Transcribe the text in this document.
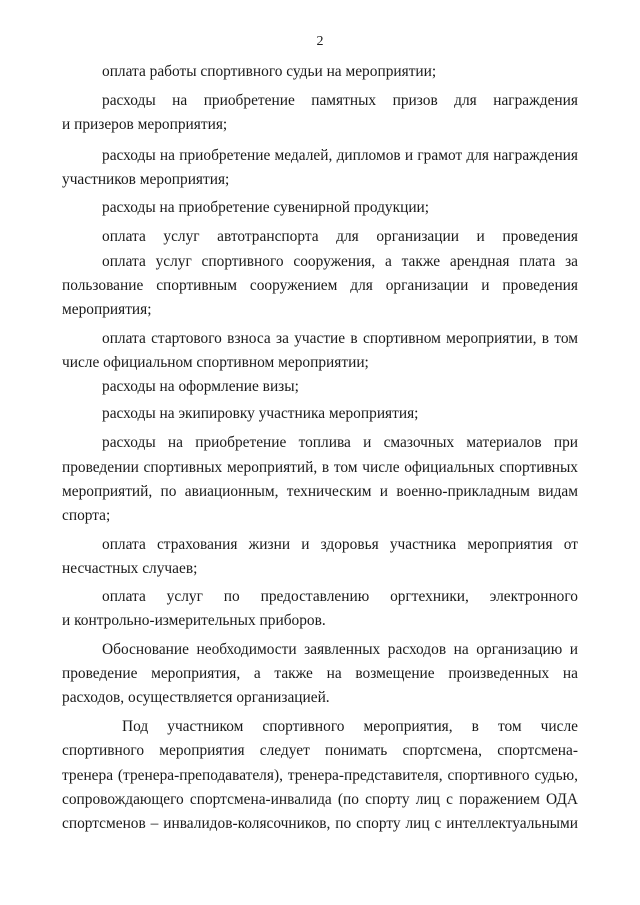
2
оплата работы спортивного судьи на мероприятии;
расходы на приобретение памятных призов для награждения
и призеров мероприятия;
расходы на приобретение медалей, дипломов и грамот для награждения
участников мероприятия;
расходы на приобретение сувенирной продукции;
оплата услуг автотранспорта для организации и проведения
оплата услуг спортивного сооружения, а также арендная плата за
пользование спортивным сооружением для организации и проведения
мероприятия;
оплата стартового взноса за участие в спортивном мероприятии, в том
числе официальном спортивном мероприятии;
расходы на оформление визы;
расходы на экипировку участника мероприятия;
расходы на приобретение топлива и смазочных материалов при
проведении спортивных мероприятий, в том числе официальных спортивных
мероприятий, по авиационным, техническим и военно-прикладным видам
спорта;
оплата страхования жизни и здоровья участника мероприятия от
несчастных случаев;
оплата услуг по предоставлению оргтехники, электронного
и контрольно-измерительных приборов.
Обоснование необходимости заявленных расходов на организацию и
проведение мероприятия, а также на возмещение произведенных на
расходов, осуществляется организацией.
Под участником спортивного мероприятия, в том числе
спортивного мероприятия следует понимать спортсмена, спортсмена-
тренера (тренера-преподавателя), тренера-представителя, спортивного судью,
сопровождающего спортсмена-инвалида (по спорту лиц с поражением ОДА
спортсменов – инвалидов-колясочников, по спорту лиц с интеллектуальными
